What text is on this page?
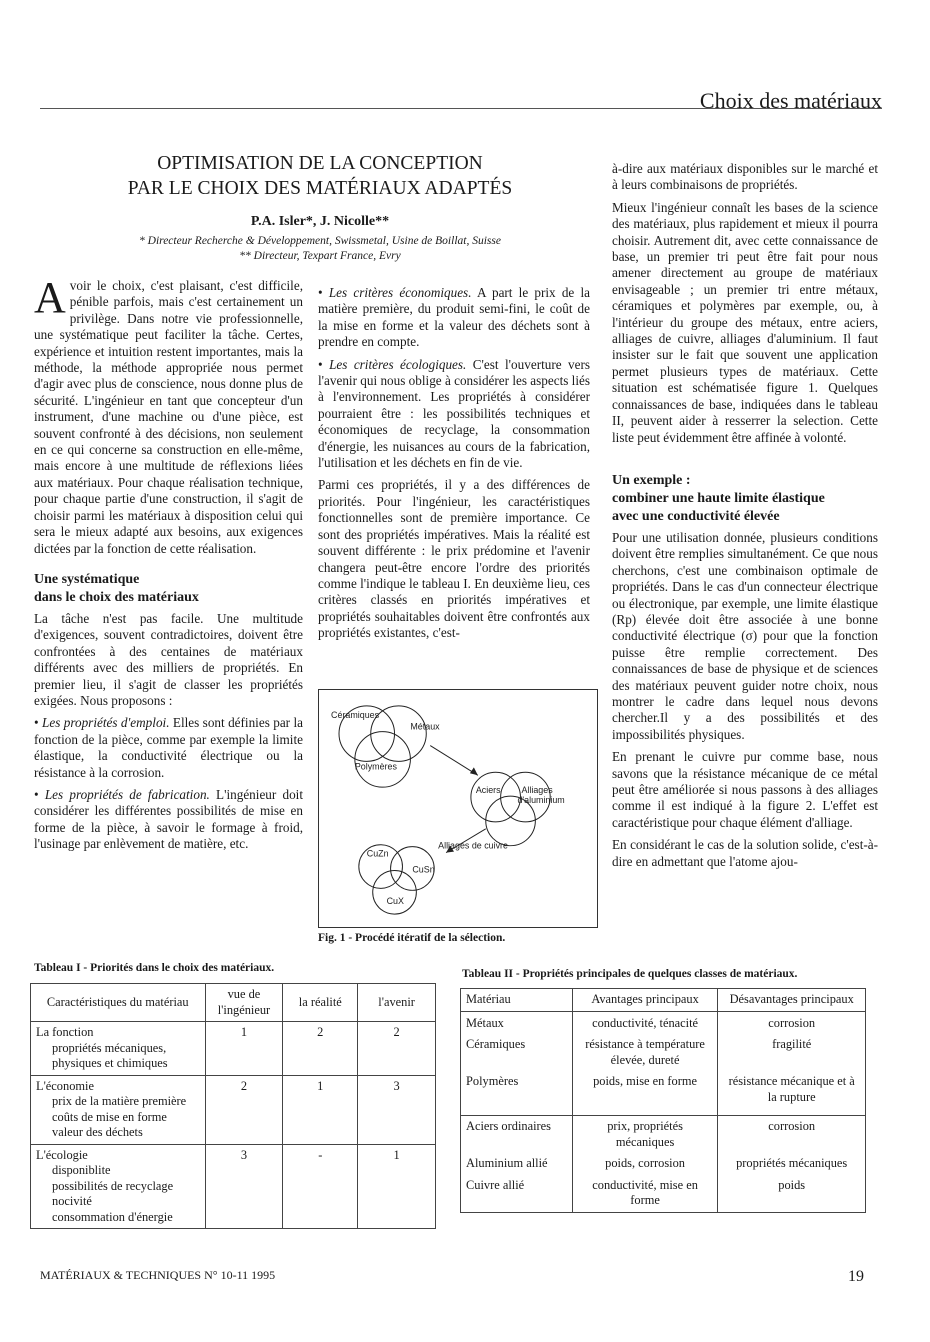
Choix des matériaux
OPTIMISATION DE LA CONCEPTION
PAR LE CHOIX DES MATÉRIAUX ADAPTÉS
P.A. Isler*, J. Nicolle**
* Directeur Recherche & Développement, Swissmetal, Usine de Boillat, Suisse
** Directeur, Texpart France, Evry

Avoir le choix, c'est plaisant, c'est difficile, pénible parfois, mais c'est certainement un privilège. Dans notre vie professionnelle, une systématique peut faciliter la tâche. Certes, expérience et intuition restent importantes, mais la méthode, la méthode appropriée nous permet d'agir avec plus de conscience, nous donne plus de sécurité. L'ingénieur en tant que concepteur d'un instrument, d'une machine ou d'une pièce, est souvent confronté à des décisions, non seulement en ce qui concerne sa construction en elle-même, mais encore à une multitude de réflexions liées aux matériaux. Pour chaque réalisation technique, pour chaque partie d'une construction, il s'agit de choisir parmi les matériaux à disposition celui qui sera le mieux adapté aux besoins, aux exigences dictées par la fonction de cette réalisation.

Une systématique
dans le choix des matériaux

La tâche n'est pas facile. Une multitude d'exigences, souvent contradictoires, doivent être confrontées à des centaines de matériaux différents avec des milliers de propriétés. En premier lieu, il s'agit de classer les propriétés exigées. Nous proposons :

• Les propriétés d'emploi. Elles sont définies par la fonction de la pièce, comme par exemple la limite élastique, la conductivité électrique ou la résistance à la corrosion.

• Les propriétés de fabrication. L'ingénieur doit considérer les différentes possibilités de mise en forme de la pièce, à savoir le formage à froid, l'usinage par enlèvement de matière, etc.

• Les critères économiques. A part le prix de la matière première, du produit semi-fini, le coût de la mise en forme et la valeur des déchets sont à prendre en compte.

• Les critères écologiques. C'est l'ouverture vers l'avenir qui nous oblige à considérer les aspects liés à l'environnement. Les propriétés à considérer pourraient être : les possibilités techniques et économiques de recyclage, la consommation d'énergie, les nuisances au cours de la fabrication, l'utilisation et les déchets en fin de vie.

Parmi ces propriétés, il y a des différences de priorités. Pour l'ingénieur, les caractéristiques fonctionnelles sont de première importance. Ce sont des propriétés impératives. Mais la réalité est souvent différente : le prix prédomine et l'avenir changera peut-être encore l'ordre des priorités comme l'indique le tableau I. En deuxième lieu, ces critères classés en priorités impératives et propriétés souhaitables doivent être confrontés aux propriétés existantes, c'est-

Céramiques
Métaux
Polymères
Aciers Alliages
d'aluminium
Alliages de cuivre
CuZn
CuSn
CuX
Fig. 1 - Procédé itératif de la sélection.

à-dire aux matériaux disponibles sur le marché et à leurs combinaisons de propriétés.

Mieux l'ingénieur connaît les bases de la science des matériaux, plus rapidement et mieux il pourra choisir. Autrement dit, avec cette connaissance de base, un premier tri peut être fait pour nous amener directement au groupe de matériaux envisageable ; un premier tri entre métaux, céramiques et polymères par exemple, ou, à l'intérieur du groupe des métaux, entre aciers, alliages de cuivre, alliages d'aluminium. Il faut insister sur le fait que souvent une application permet plusieurs types de matériaux. Cette situation est schématisée figure 1. Quelques connaissances de base, indiquées dans le tableau II, peuvent aider à resserrer la selection. Cette liste peut évidemment être affinée à volonté.

Un exemple :
combiner une haute limite élastique
avec une conductivité élevée

Pour une utilisation donnée, plusieurs conditions doivent être remplies simultanément. Ce que nous cherchons, c'est une combinaison optimale de propriétés. Dans le cas d'un connecteur électrique ou électronique, par exemple, une limite élastique (Rp) élevée doit être associée à une bonne conductivité électrique (σ) pour que la fonction puisse être remplie correctement. Des connaissances de base de physique et de sciences des matériaux peuvent guider notre choix, nous montrer le cadre dans lequel nous devons chercher.Il y a des possibilités et des impossibilités physiques.

En prenant le cuivre pur comme base, nous savons que la résistance mécanique de ce métal peut être améliorée si nous passons à des alliages comme il est indiqué à la figure 2. L'effet est caractéristique pour chaque élément d'alliage.

En considérant le cas de la solution solide, c'est-à-dire en admettant que l'atome ajou-

Tableau I - Priorités dans le choix des matériaux.
Caractéristiques du matériau	vue de l'ingénieur	la réalité	l'avenir
La fonction
propriétés mécaniques,
physiques et chimiques	1	2	2
L'économie
prix de la matière première
coûts de mise en forme
valeur des déchets	2	1	3
L'écologie
disponiblite
possibilités de recyclage
nocivité
consommation d'énergie	3	-	1
Tableau II - Propriétés principales de quelques classes de matériaux.
Matériau	Avantages principaux	Désavantages principaux
Métaux	conductivité, ténacité	corrosion
Céramiques	résistance à température élevée, dureté	fragilité
Polymères	poids, mise en forme	résistance mécanique et à la rupture
Aciers ordinaires	prix, propriétés mécaniques	corrosion
Aluminium allié	poids, corrosion	propriétés mécaniques
Cuivre allié	conductivité, mise en forme	poids
MATÉRIAUX & TECHNIQUES N° 10-11 1995	19
